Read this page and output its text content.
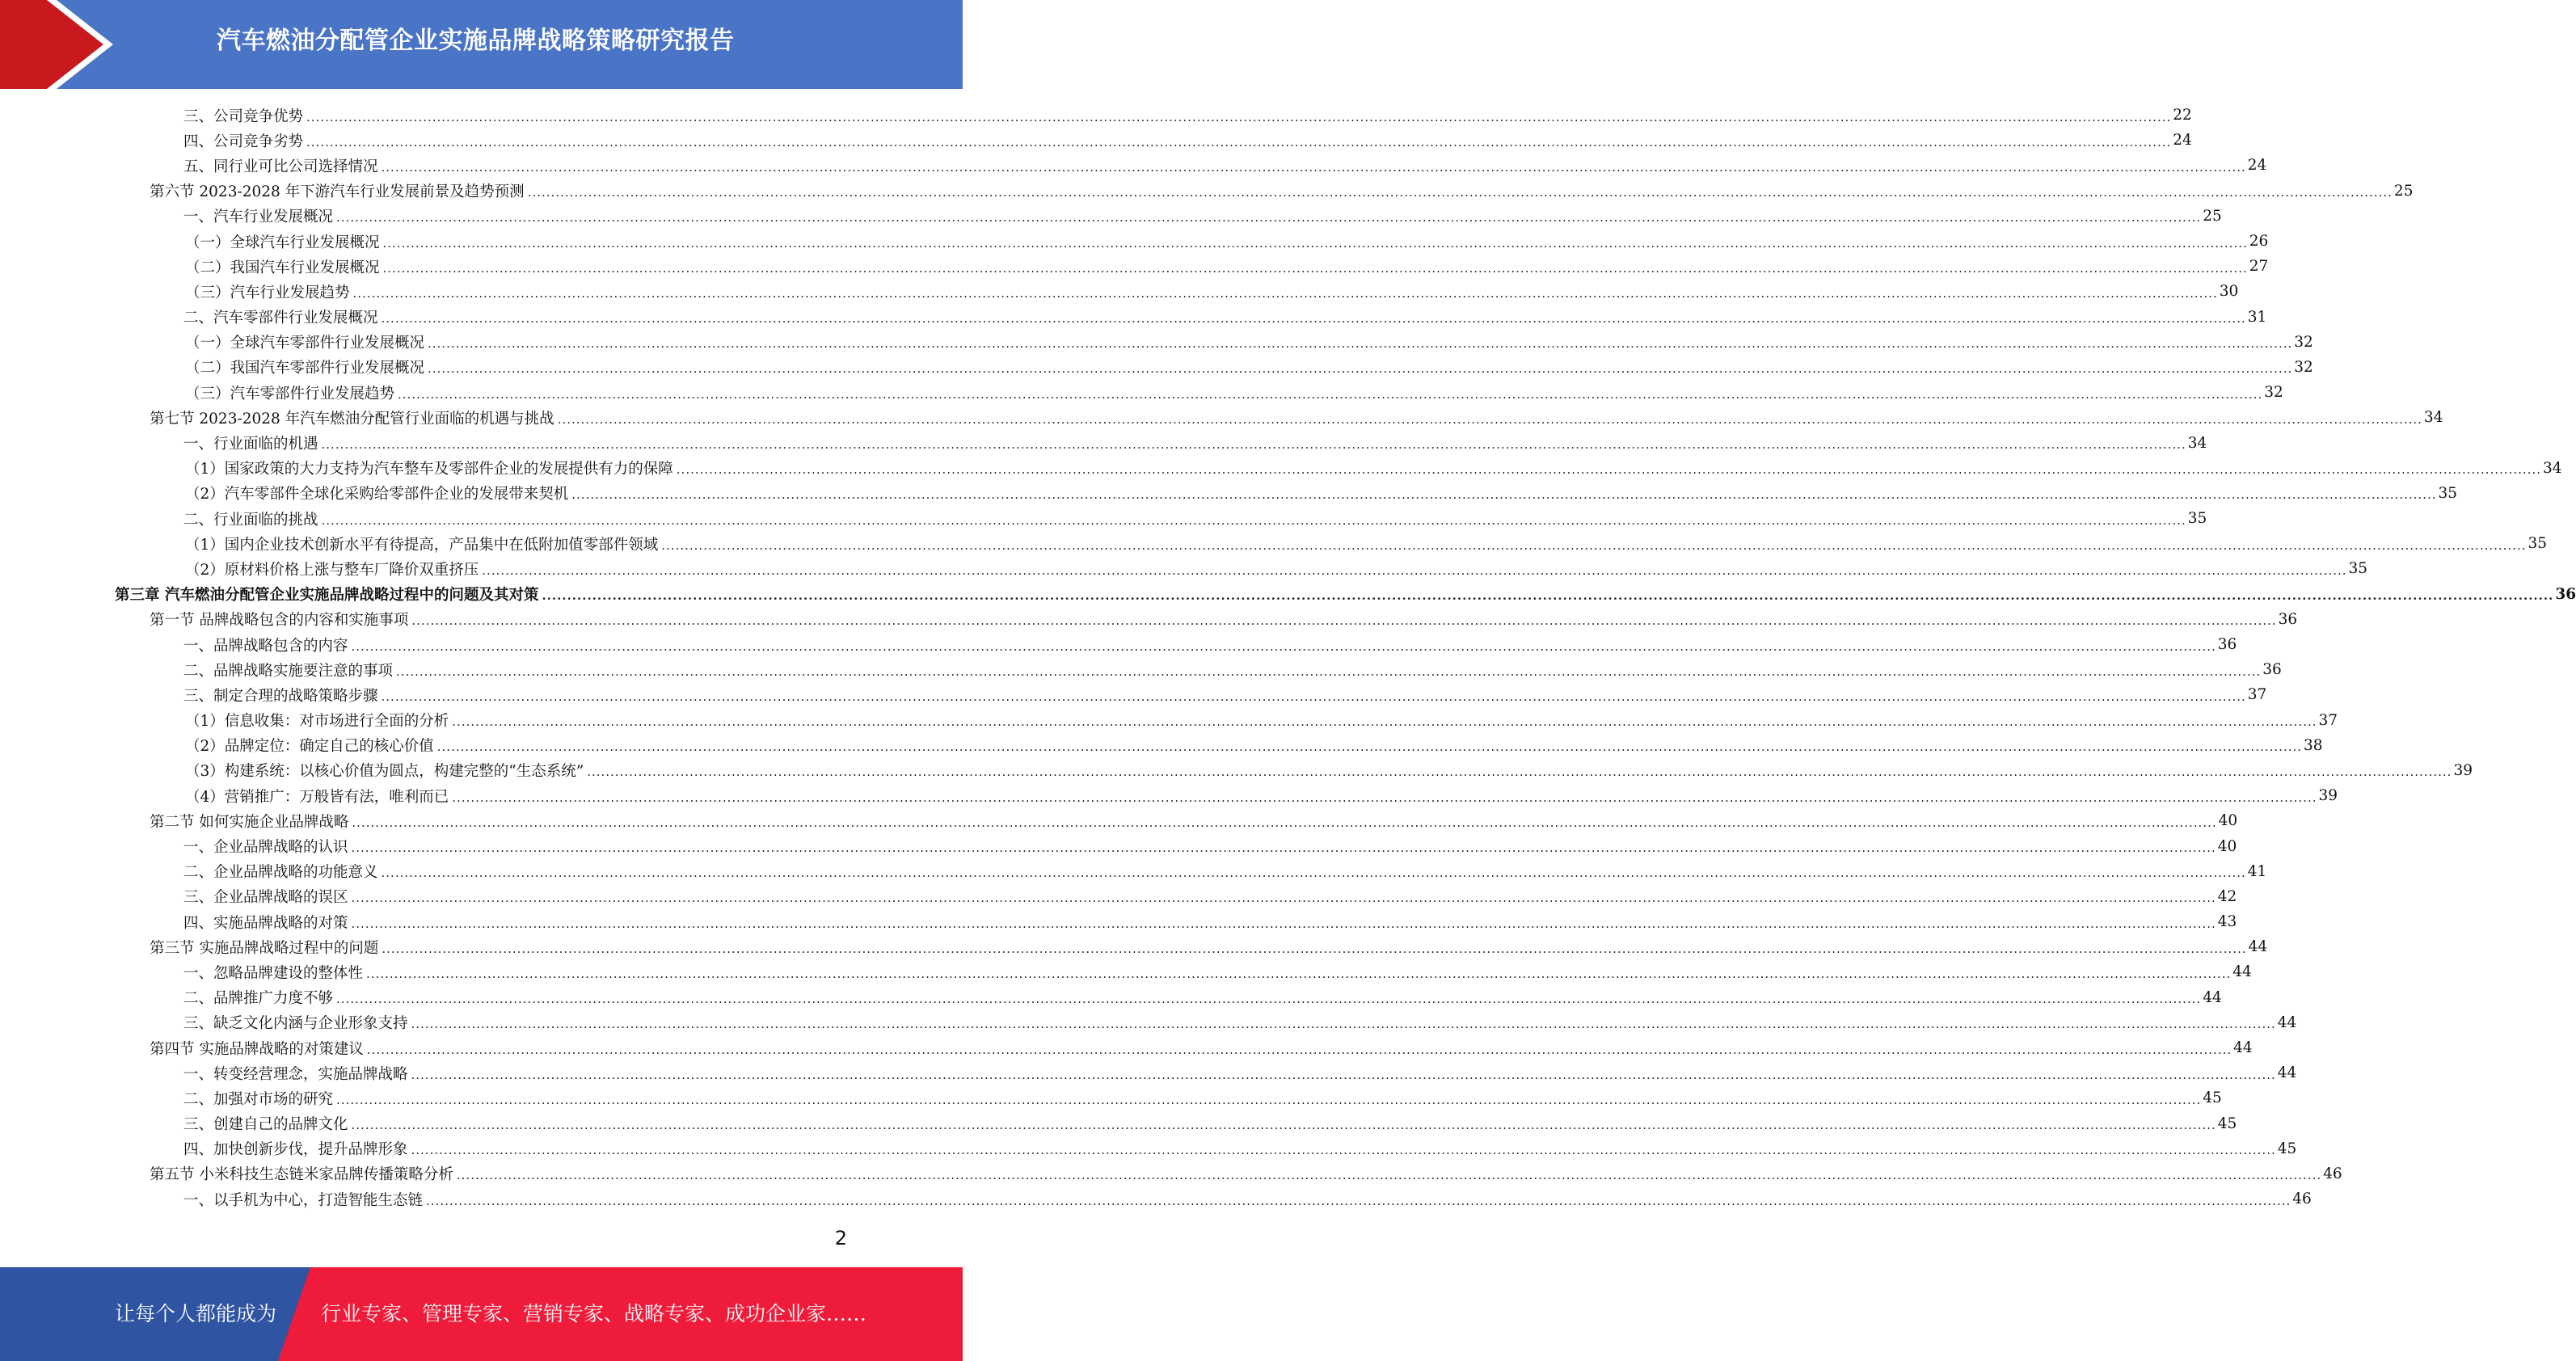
汽车燃油分配管企业实施品牌战略策略研究报告
三、公司竞争优势 ................................................................................................................................................................................................................................................................................................................................................................................................................ 22
四、公司竞争劣势 ................................................................................................................................................................................................................................................................................................................................................................................................................ 24
五、同行业可比公司选择情况 ................................................................................................................................................................................................................................................................................................................................................................................................................ 24
第六节 2023-2028 年下游汽车行业发展前景及趋势预测 ................................................................................................................................................................................................................................................................................................................................................................................................................ 25
一、汽车行业发展概况 ................................................................................................................................................................................................................................................................................................................................................................................................................ 25
（一）全球汽车行业发展概况 ................................................................................................................................................................................................................................................................................................................................................................................................................ 26
（二）我国汽车行业发展概况 ................................................................................................................................................................................................................................................................................................................................................................................................................ 27
（三）汽车行业发展趋势 ................................................................................................................................................................................................................................................................................................................................................................................................................ 30
二、汽车零部件行业发展概况 ................................................................................................................................................................................................................................................................................................................................................................................................................ 31
（一）全球汽车零部件行业发展概况 ................................................................................................................................................................................................................................................................................................................................................................................................................ 32
（二）我国汽车零部件行业发展概况 ................................................................................................................................................................................................................................................................................................................................................................................................................ 32
（三）汽车零部件行业发展趋势 ................................................................................................................................................................................................................................................................................................................................................................................................................ 32
第七节 2023-2028 年汽车燃油分配管行业面临的机遇与挑战 ................................................................................................................................................................................................................................................................................................................................................................................................................ 34
一、行业面临的机遇 ................................................................................................................................................................................................................................................................................................................................................................................................................ 34
（1）国家政策的大力支持为汽车整车及零部件企业的发展提供有力的保障 ................................................................................................................................................................................................................................................................................................................................................................................................................ 34
（2）汽车零部件全球化采购给零部件企业的发展带来契机 ................................................................................................................................................................................................................................................................................................................................................................................................................ 35
二、行业面临的挑战 ................................................................................................................................................................................................................................................................................................................................................................................................................ 35
（1）国内企业技术创新水平有待提高，产品集中在低附加值零部件领域 ................................................................................................................................................................................................................................................................................................................................................................................................................ 35
（2）原材料价格上涨与整车厂降价双重挤压 ................................................................................................................................................................................................................................................................................................................................................................................................................ 35
第三章 汽车燃油分配管企业实施品牌战略过程中的问题及其对策 ................................................................................................................................................................................................................................................................................................................................................................................................................ 36
第一节 品牌战略包含的内容和实施事项 ................................................................................................................................................................................................................................................................................................................................................................................................................ 36
一、品牌战略包含的内容 ................................................................................................................................................................................................................................................................................................................................................................................................................ 36
二、品牌战略实施要注意的事项 ................................................................................................................................................................................................................................................................................................................................................................................................................ 36
三、制定合理的战略策略步骤 ................................................................................................................................................................................................................................................................................................................................................................................................................ 37
（1）信息收集：对市场进行全面的分析 ................................................................................................................................................................................................................................................................................................................................................................................................................ 37
（2）品牌定位：确定自己的核心价值 ................................................................................................................................................................................................................................................................................................................................................................................................................ 38
（3）构建系统：以核心价值为圆点，构建完整的“生态系统” ................................................................................................................................................................................................................................................................................................................................................................................................................ 39
（4）营销推广：万般皆有法，唯利而已 ................................................................................................................................................................................................................................................................................................................................................................................................................ 39
第二节 如何实施企业品牌战略 ................................................................................................................................................................................................................................................................................................................................................................................................................ 40
一、企业品牌战略的认识 ................................................................................................................................................................................................................................................................................................................................................................................................................ 40
二、企业品牌战略的功能意义 ................................................................................................................................................................................................................................................................................................................................................................................................................ 41
三、企业品牌战略的误区 ................................................................................................................................................................................................................................................................................................................................................................................................................ 42
四、实施品牌战略的对策 ................................................................................................................................................................................................................................................................................................................................................................................................................ 43
第三节 实施品牌战略过程中的问题 ................................................................................................................................................................................................................................................................................................................................................................................................................ 44
一、忽略品牌建设的整体性 ................................................................................................................................................................................................................................................................................................................................................................................................................ 44
二、品牌推广力度不够 ................................................................................................................................................................................................................................................................................................................................................................................................................ 44
三、缺乏文化内涵与企业形象支持 ................................................................................................................................................................................................................................................................................................................................................................................................................ 44
第四节 实施品牌战略的对策建议 ................................................................................................................................................................................................................................................................................................................................................................................................................ 44
一、转变经营理念，实施品牌战略 ................................................................................................................................................................................................................................................................................................................................................................................................................ 44
二、加强对市场的研究 ................................................................................................................................................................................................................................................................................................................................................................................................................ 45
三、创建自己的品牌文化 ................................................................................................................................................................................................................................................................................................................................................................................................................ 45
四、加快创新步伐，提升品牌形象 ................................................................................................................................................................................................................................................................................................................................................................................................................ 45
第五节 小米科技生态链米家品牌传播策略分析 ................................................................................................................................................................................................................................................................................................................................................................................................................ 46
一、以手机为中心，打造智能生态链 ................................................................................................................................................................................................................................................................................................................................................................................................................ 46
2
让每个人都能成为 行业专家、管理专家、营销专家、战略专家、成功企业家……
